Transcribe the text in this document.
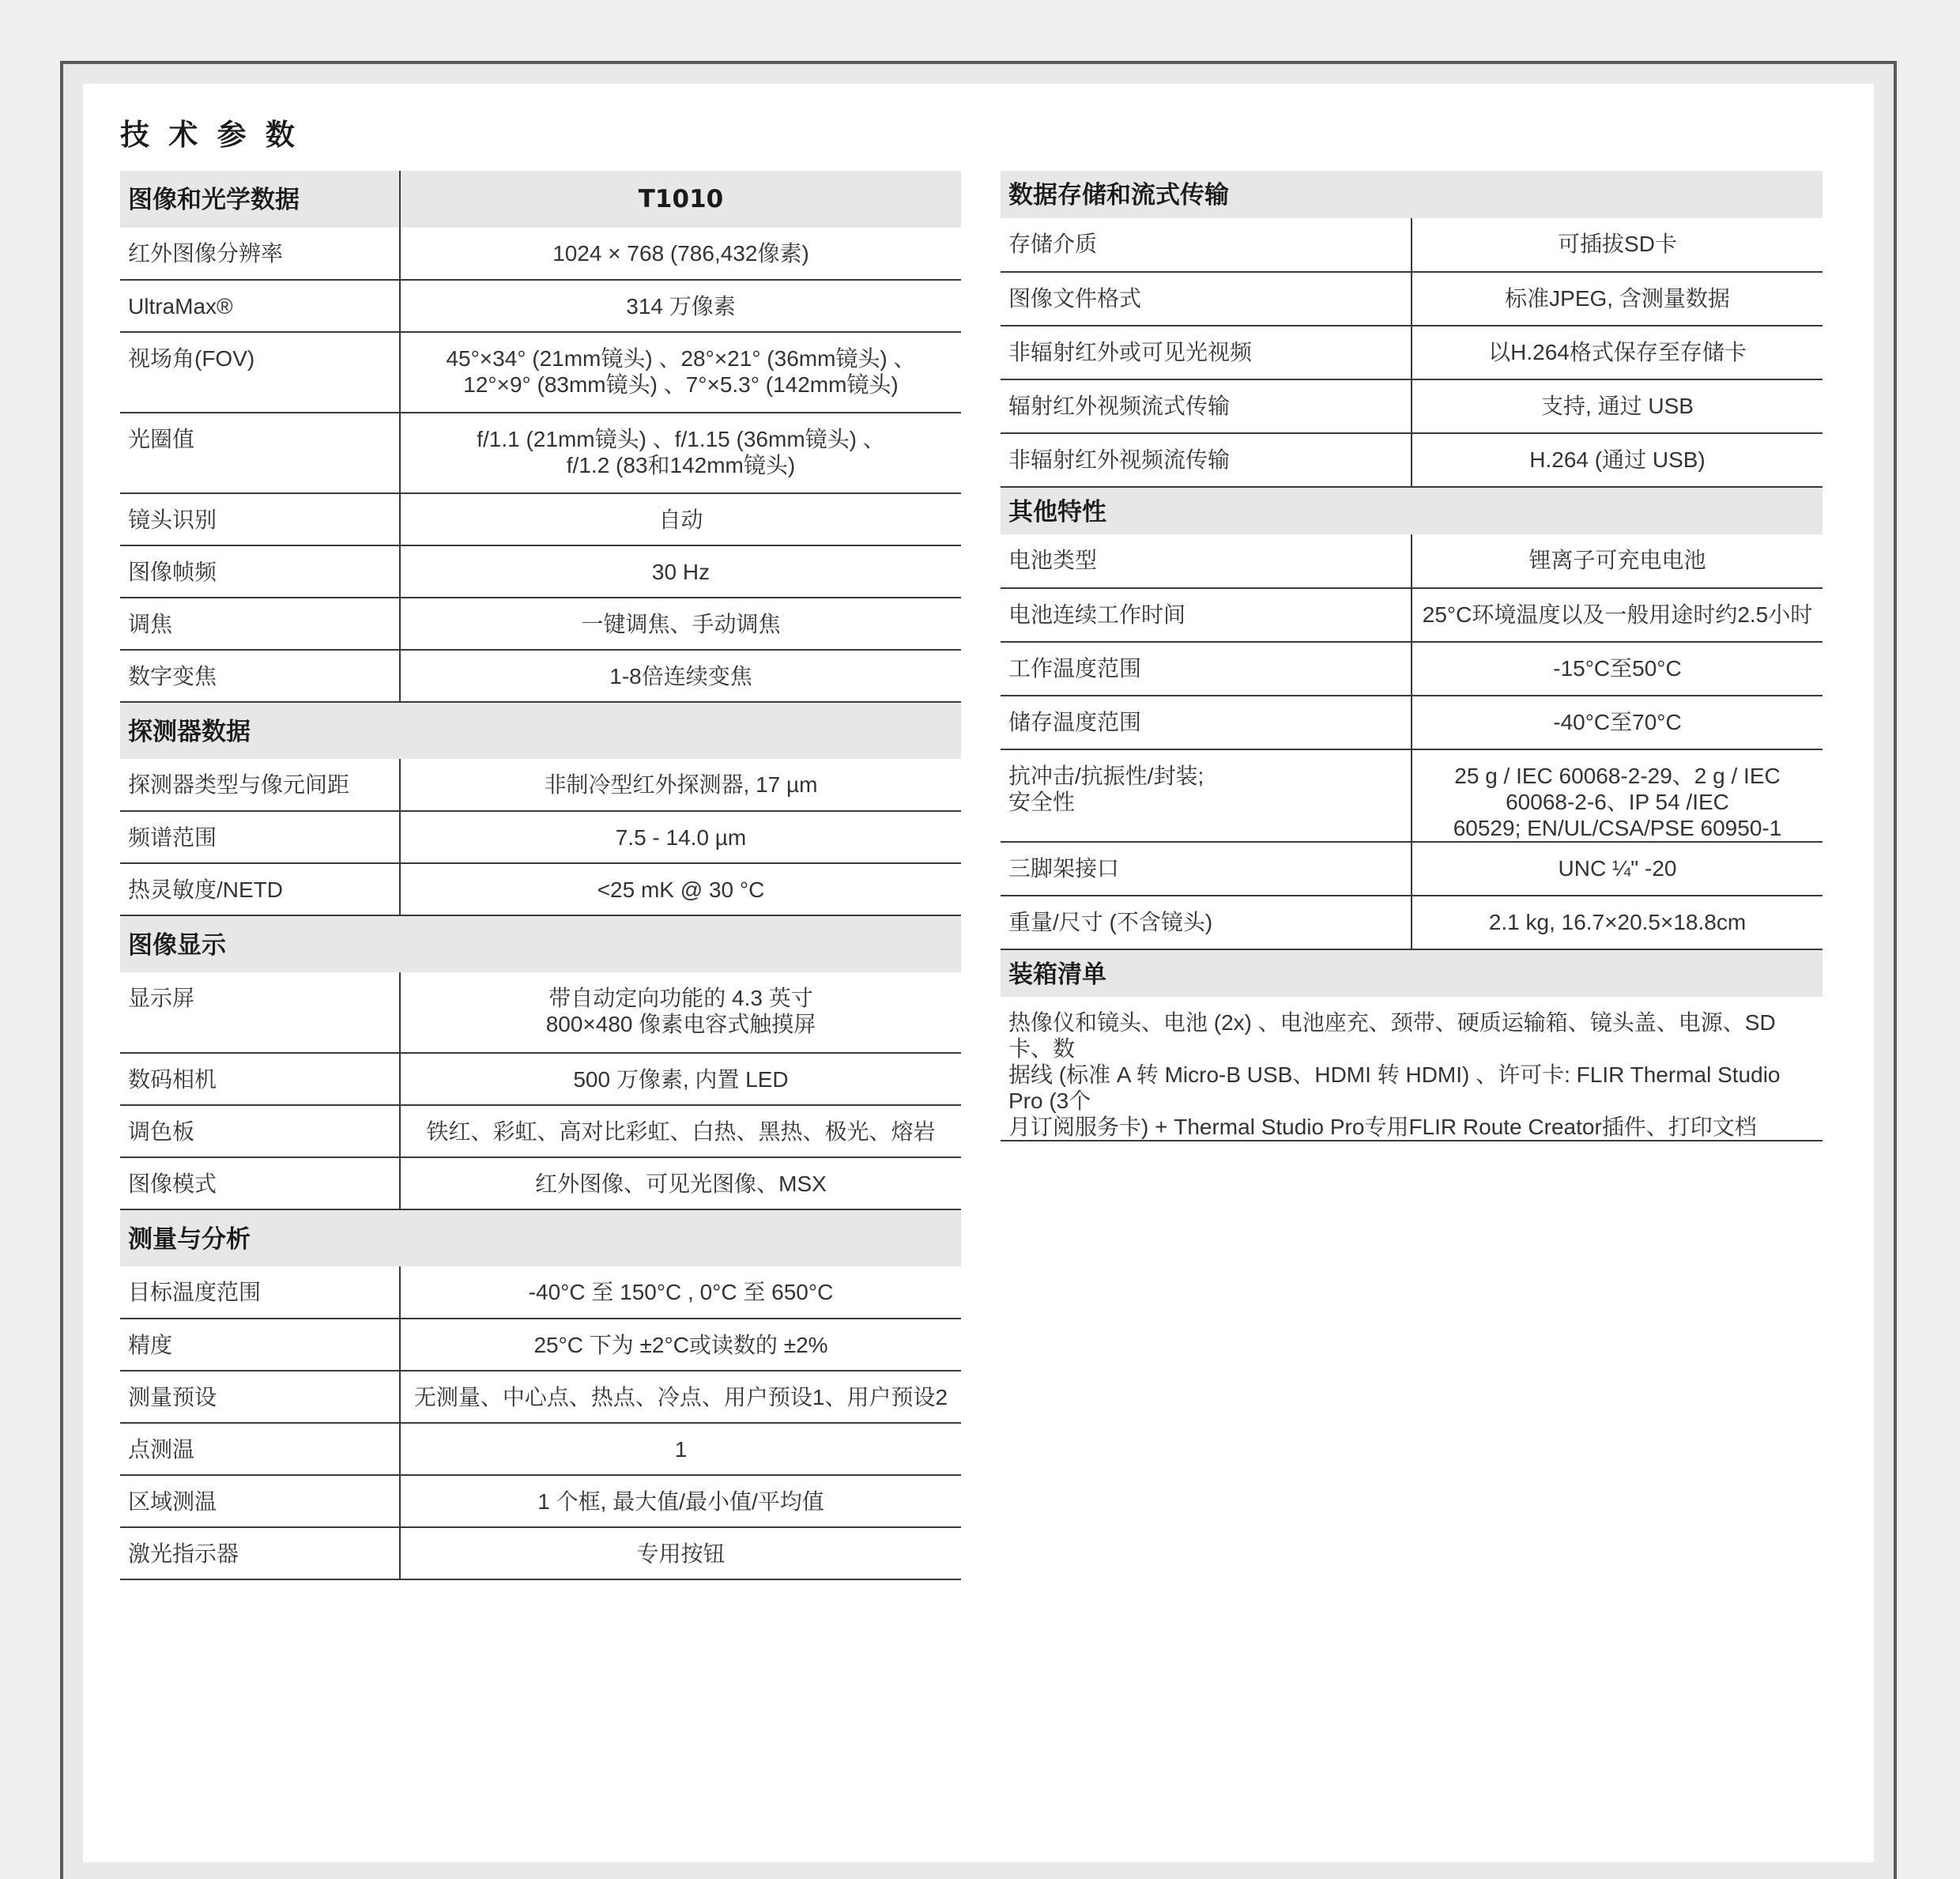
技 术 参 数
图像和光学数据	T1010
红外图像分辨率	1024 × 768 (786,432像素)
UltraMax®	314 万像素
视场角(FOV)	45°×34° (21mm镜头) 、28°×21° (36mm镜头) 、
12°×9° (83mm镜头) 、7°×5.3° (142mm镜头)

光圈值	f/1.1 (21mm镜头) 、f/1.15 (36mm镜头) 、
f/1.2 (83和142mm镜头)

镜头识别	自动
图像帧频	30 Hz
调焦	一键调焦、手动调焦
数字变焦	1-8倍连续变焦
探测器数据	
探测器类型与像元间距	非制冷型红外探测器, 17 µm
频谱范围	7.5 - 14.0 µm
热灵敏度/NETD	<25 mK @ 30 °C
图像显示	
显示屏	带自动定向功能的 4.3 英寸
800×480 像素电容式触摸屏

数码相机	500 万像素, 内置 LED
调色板	铁红、彩虹、高对比彩虹、白热、黑热、极光、熔岩
图像模式	红外图像、可见光图像、MSX
测量与分析	
目标温度范围	-40°C 至 150°C , 0°C 至 650°C
精度	25°C 下为 ±2°C或读数的 ±2%
测量预设	无测量、中心点、热点、冷点、用户预设1、用户预设2
点测温	1
区域测温	1 个框, 最大值/最小值/平均值
激光指示器	专用按钮
数据存储和流式传输	
存储介质	可插拔SD卡
图像文件格式	标准JPEG, 含测量数据
非辐射红外或可见光视频	以H.264格式保存至存储卡
辐射红外视频流式传输	支持, 通过 USB
非辐射红外视频流传输	H.264 (通过 USB)
其他特性	
电池类型	锂离子可充电电池
电池连续工作时间	25°C环境温度以及一般用途时约2.5小时
工作温度范围	-15°C至50°C
储存温度范围	-40°C至70°C

抗冲击/抗振性/封装;
安全性	25 g / IEC 60068-2-29、2 g / IEC 60068-2-6、IP 54 /IEC
60529; EN/UL/CSA/PSE 60950-1

三脚架接口	UNC ¼" -20
重量/尺寸 (不含镜头)	2.1 kg, 16.7×20.5×18.8cm
装箱清单	

热像仪和镜头、电池 (2x) 、电池座充、颈带、硬质运输箱、镜头盖、电源、SD 卡、数
据线 (标准 A 转 Micro-B USB、HDMI 转 HDMI) 、许可卡: FLIR Thermal Studio Pro (3个
月订阅服务卡) + Thermal Studio Pro专用FLIR Route Creator插件、打印文档	
